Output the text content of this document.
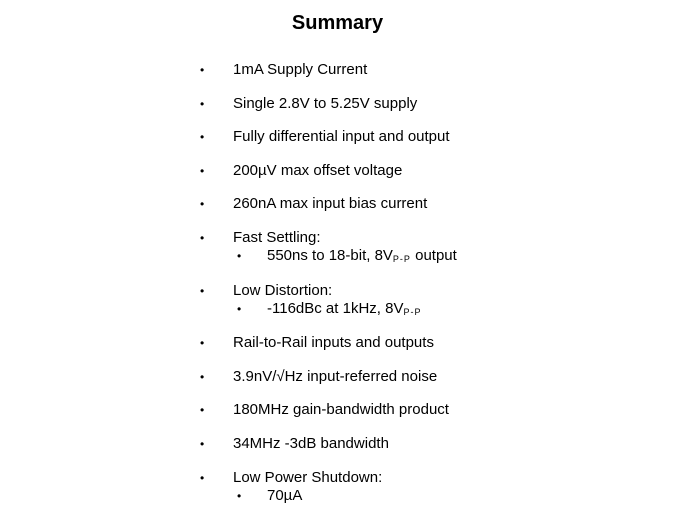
Summary
•	1mA Supply Current
•	Single 2.8V to 5.25V supply
•	Fully differential input and output
•	200µV max offset voltage
•	260nA max input bias current
•	Fast Settling:
•	550ns to 18-bit, 8VP-P output
•	Low Distortion:
•	-116dBc at 1kHz, 8VP-P
•	Rail-to-Rail inputs and outputs
•	3.9nV/√Hz input-referred noise
•	180MHz gain-bandwidth product
•	34MHz -3dB bandwidth
•	Low Power Shutdown:
•	70µA
